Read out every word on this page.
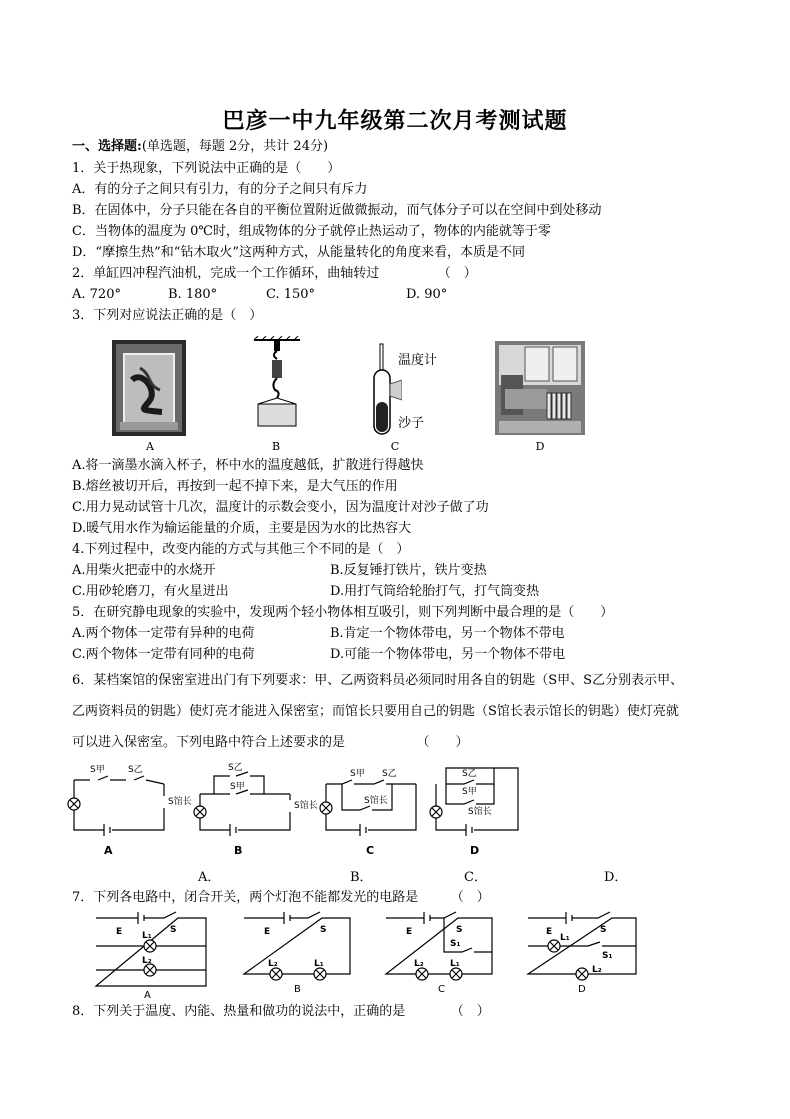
巴彦一中九年级第二次月考测试题
一、选择题:(单选题，每题 2分，共计 24分)
1．关于热现象，下列说法中正确的是（　　）
A．有的分子之间只有引力，有的分子之间只有斥力
B．在固体中，分子只能在各自的平衡位置附近做微振动，而气体分子可以在空间中到处移动
C．当物体的温度为 0℃时，组成物体的分子就停止热运动了，物体的内能就等于零
D．“摩擦生热”和“钻木取火”这两种方式，从能量转化的角度来看，本质是不同
2．单缸四冲程汽油机，完成一个工作循环，曲轴转过　　　　　（　）
A. 720°	B. 180°	C. 150°	D. 90°
3．下列对应说法正确的是（　）
A	B
温度计
沙子
C	D
A.将一滴墨水滴入杯子，杯中水的温度越低，扩散进行得越快
B.熔丝被切开后，再按到一起不掉下来，是大气压的作用
C.用力晃动试管十几次，温度计的示数会变小，因为温度计对沙子做了功
D.暖气用水作为输运能量的介质，主要是因为水的比热容大
4.下列过程中，改变内能的方式与其他三个不同的是（　）
A.用柴火把壶中的水烧开	B.反复锤打铁片，铁片变热
C.用砂轮磨刀，有火星迸出	D.用打气筒给轮胎打气，打气筒变热
5．在研究静电现象的实验中，发现两个轻小物体相互吸引，则下列判断中最合理的是（　　）
A.两个物体一定带有异种的电荷	B.肯定一个物体带电，另一个物体不带电
C.两个物体一定带有同种的电荷	D.可能一个物体带电，另一个物体不带电
6．某档案馆的保密室进出门有下列要求：甲、乙两资料员必须同时用各自的钥匙（S甲、S乙分别表示甲、
乙两资料员的钥匙）使灯亮才能进入保密室；而馆长只要用自己的钥匙（S馆长表示馆长的钥匙）使灯亮就
可以进入保密室。下列电路中符合上述要求的是　　　　　　（　　）
S甲	S乙
S馆长
S乙
S甲
S馆长
S甲 S乙
S馆长
S乙
S甲
S馆长
A	B	C	D
A．	B．	C．	D．
7．下列各电路中，闭合开关，两个灯泡不能都发光的电路是　　　（　）
E	S
L₁
L₂
E	S
L₂	L₁
E	S
S₁
L₂	L₁
E	S
L₁
S₁
L₂
A
B	C	D
8．下列关于温度、内能、热量和做功的说法中，正确的是　　　　（　）
